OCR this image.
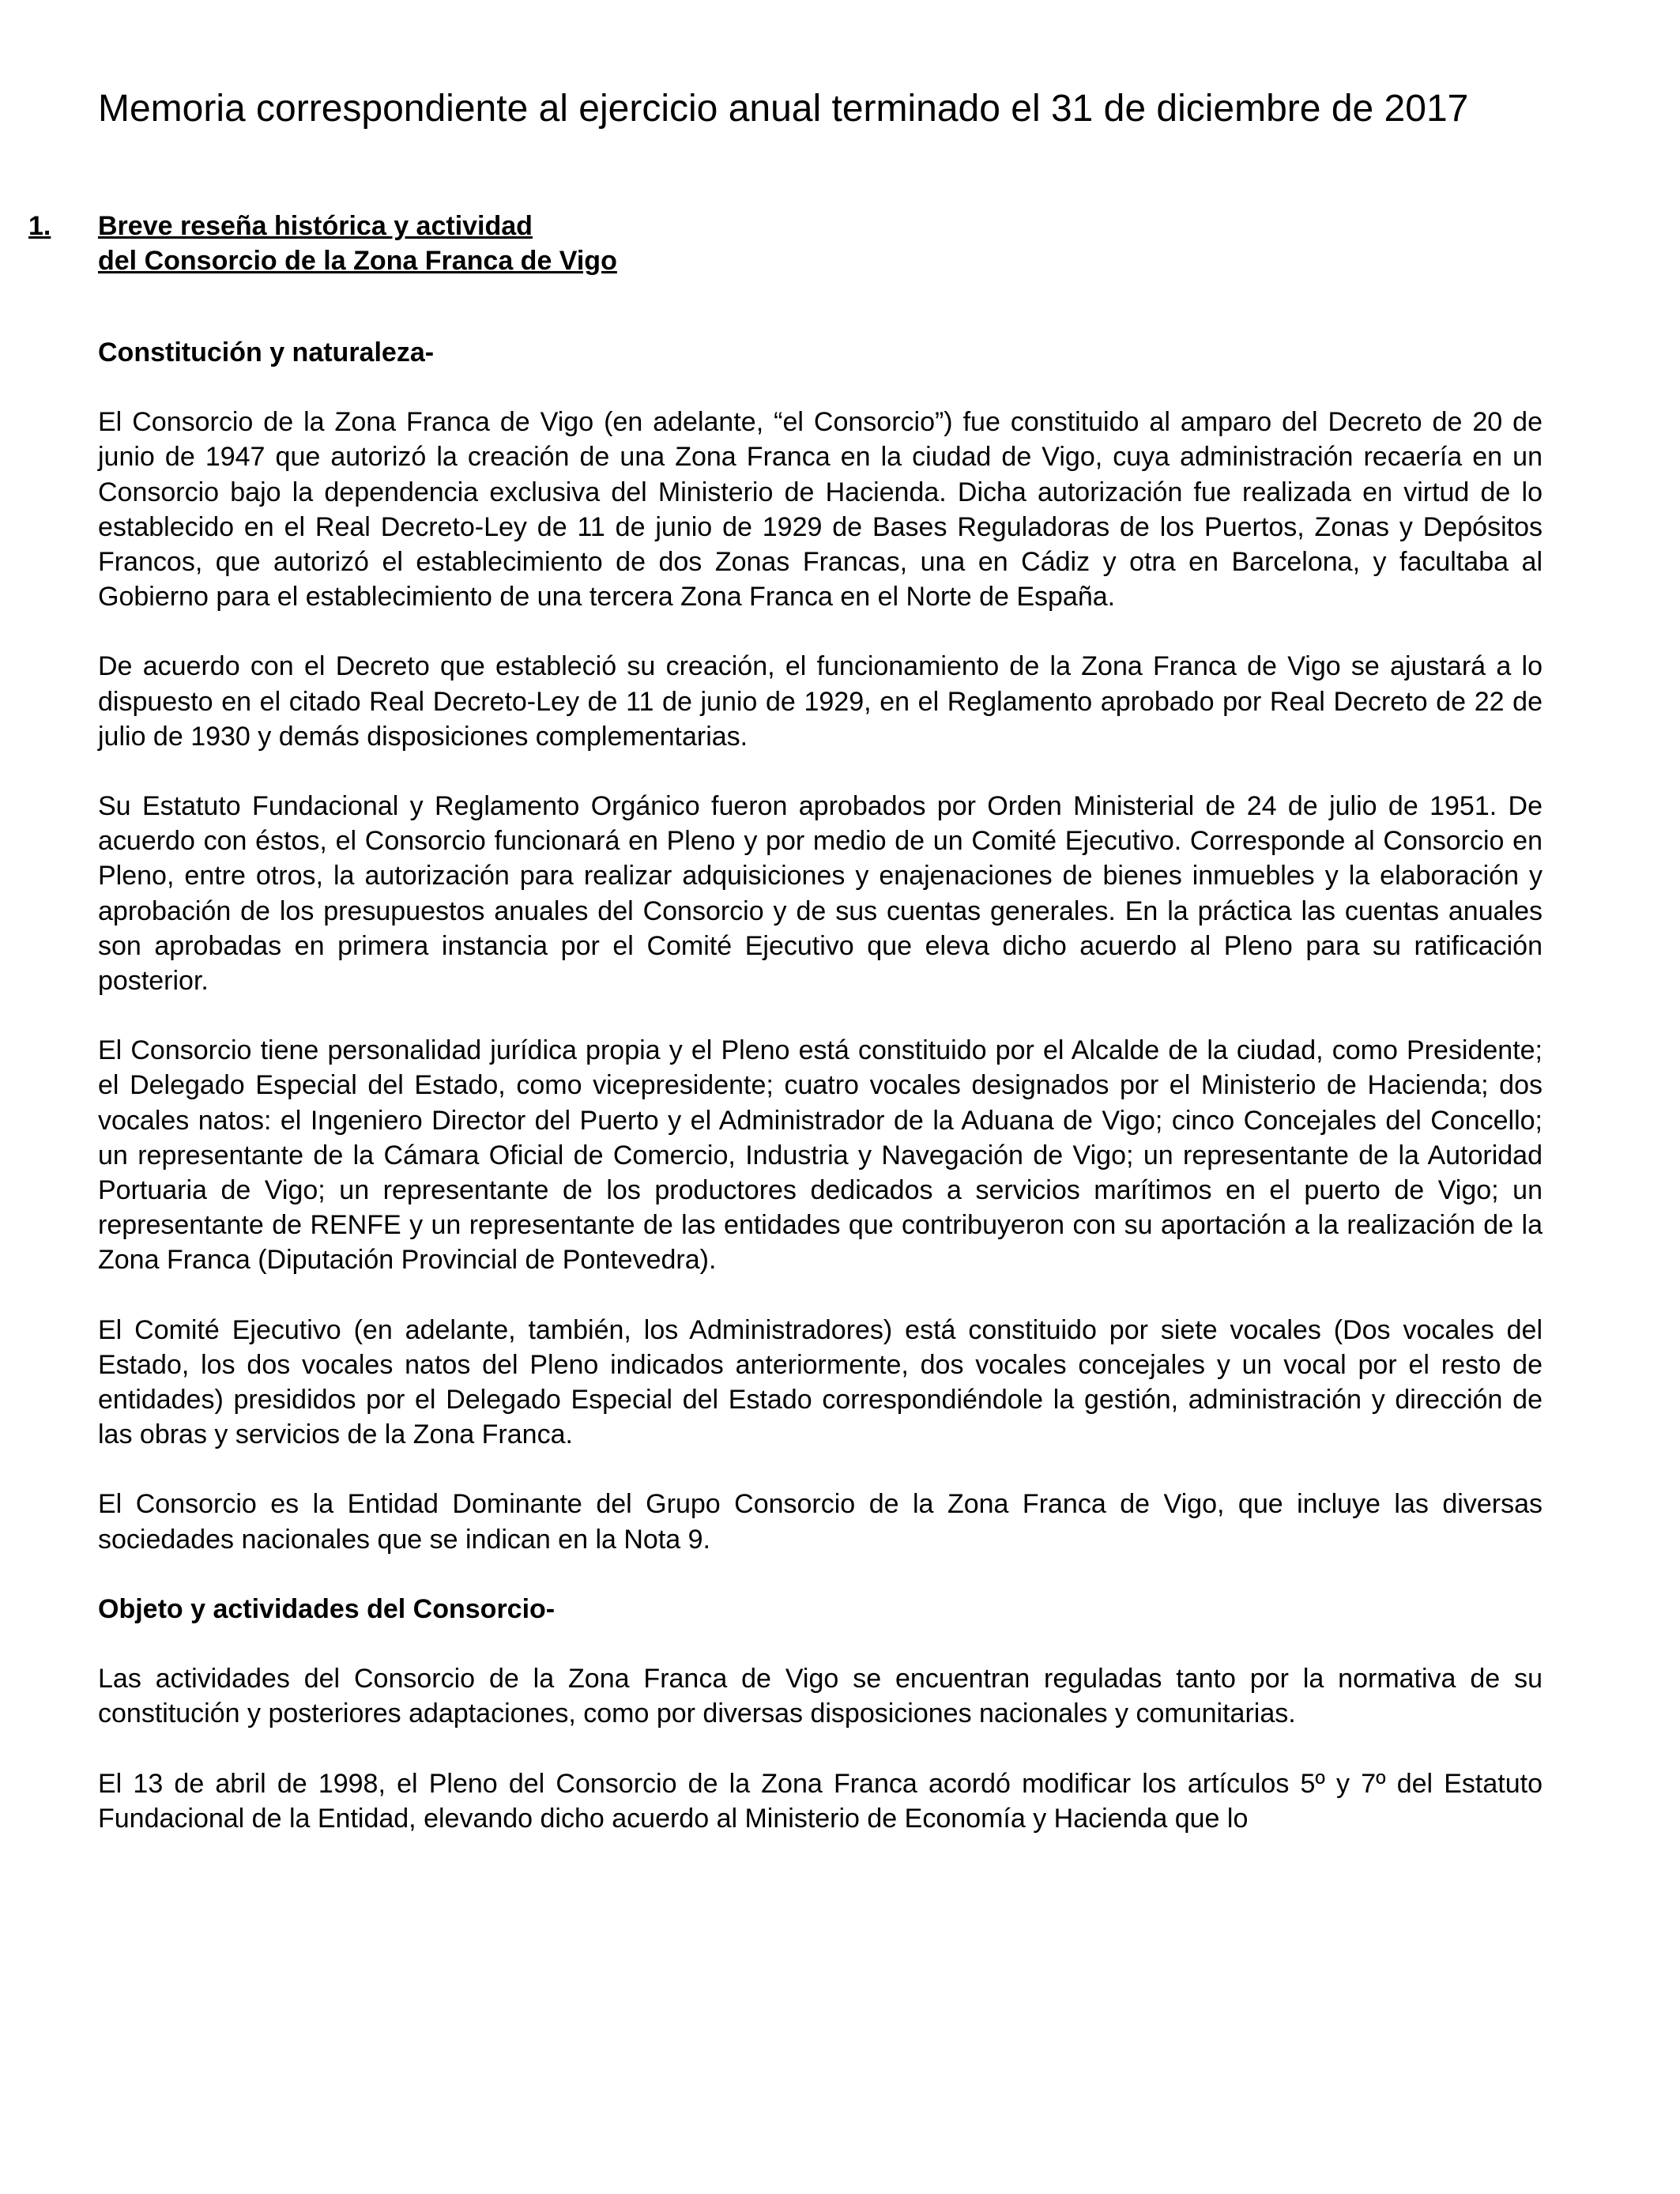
Memoria correspondiente al ejercicio anual terminado el 31 de diciembre de 2017
1. Breve reseña histórica y actividad
del Consorcio de la Zona Franca de Vigo

Constitución y naturaleza-

El Consorcio de la Zona Franca de Vigo (en adelante, “el Consorcio”) fue constituido al amparo del Decreto de 20 de junio de 1947 que autorizó la creación de una Zona Franca en la ciudad de Vigo, cuya administración recaería en un Consorcio bajo la dependencia exclusiva del Ministerio de Hacienda. Dicha autorización fue realizada en virtud de lo establecido en el Real Decreto-Ley de 11 de junio de 1929 de Bases Reguladoras de los Puertos, Zonas y Depósitos Francos, que autorizó el establecimiento de dos Zonas Francas, una en Cádiz y otra en Barcelona, y facultaba al Gobierno para el establecimiento de una tercera Zona Franca en el Norte de España.

De acuerdo con el Decreto que estableció su creación, el funcionamiento de la Zona Franca de Vigo se ajustará a lo dispuesto en el citado Real Decreto-Ley de 11 de junio de 1929, en el Reglamento aprobado por Real Decreto de 22 de julio de 1930 y demás disposiciones complementarias.

Su Estatuto Fundacional y Reglamento Orgánico fueron aprobados por Orden Ministerial de 24 de julio de 1951. De acuerdo con éstos, el Consorcio funcionará en Pleno y por medio de un Comité Ejecutivo. Corresponde al Consorcio en Pleno, entre otros, la autorización para realizar adquisiciones y enajenaciones de bienes inmuebles y la elaboración y aprobación de los presupuestos anuales del Consorcio y de sus cuentas generales. En la práctica las cuentas anuales son aprobadas en primera instancia por el Comité Ejecutivo que eleva dicho acuerdo al Pleno para su ratificación posterior.

El Consorcio tiene personalidad jurídica propia y el Pleno está constituido por el Alcalde de la ciudad, como Presidente; el Delegado Especial del Estado, como vicepresidente; cuatro vocales designados por el Ministerio de Hacienda; dos vocales natos: el Ingeniero Director del Puerto y el Administrador de la Aduana de Vigo; cinco Concejales del Concello; un representante de la Cámara Oficial de Comercio, Industria y Navegación de Vigo; un representante de la Autoridad Portuaria de Vigo; un representante de los productores dedicados a servicios marítimos en el puerto de Vigo; un representante de RENFE y un representante de las entidades que contribuyeron con su aportación a la realización de la Zona Franca (Diputación Provincial de Pontevedra).

El Comité Ejecutivo (en adelante, también, los Administradores) está constituido por siete vocales (Dos vocales del Estado, los dos vocales natos del Pleno indicados anteriormente, dos vocales concejales y un vocal por el resto de entidades) presididos por el Delegado Especial del Estado correspondiéndole la gestión, administración y dirección de las obras y servicios de la Zona Franca.

El Consorcio es la Entidad Dominante del Grupo Consorcio de la Zona Franca de Vigo, que incluye las diversas sociedades nacionales que se indican en la Nota 9.

Objeto y actividades del Consorcio-

Las actividades del Consorcio de la Zona Franca de Vigo se encuentran reguladas tanto por la normativa de su constitución y posteriores adaptaciones, como por diversas disposiciones nacionales y comunitarias.

El 13 de abril de 1998, el Pleno del Consorcio de la Zona Franca acordó modificar los artículos 5º y 7º del Estatuto Fundacional de la Entidad, elevando dicho acuerdo al Ministerio de Economía y Hacienda que lo
